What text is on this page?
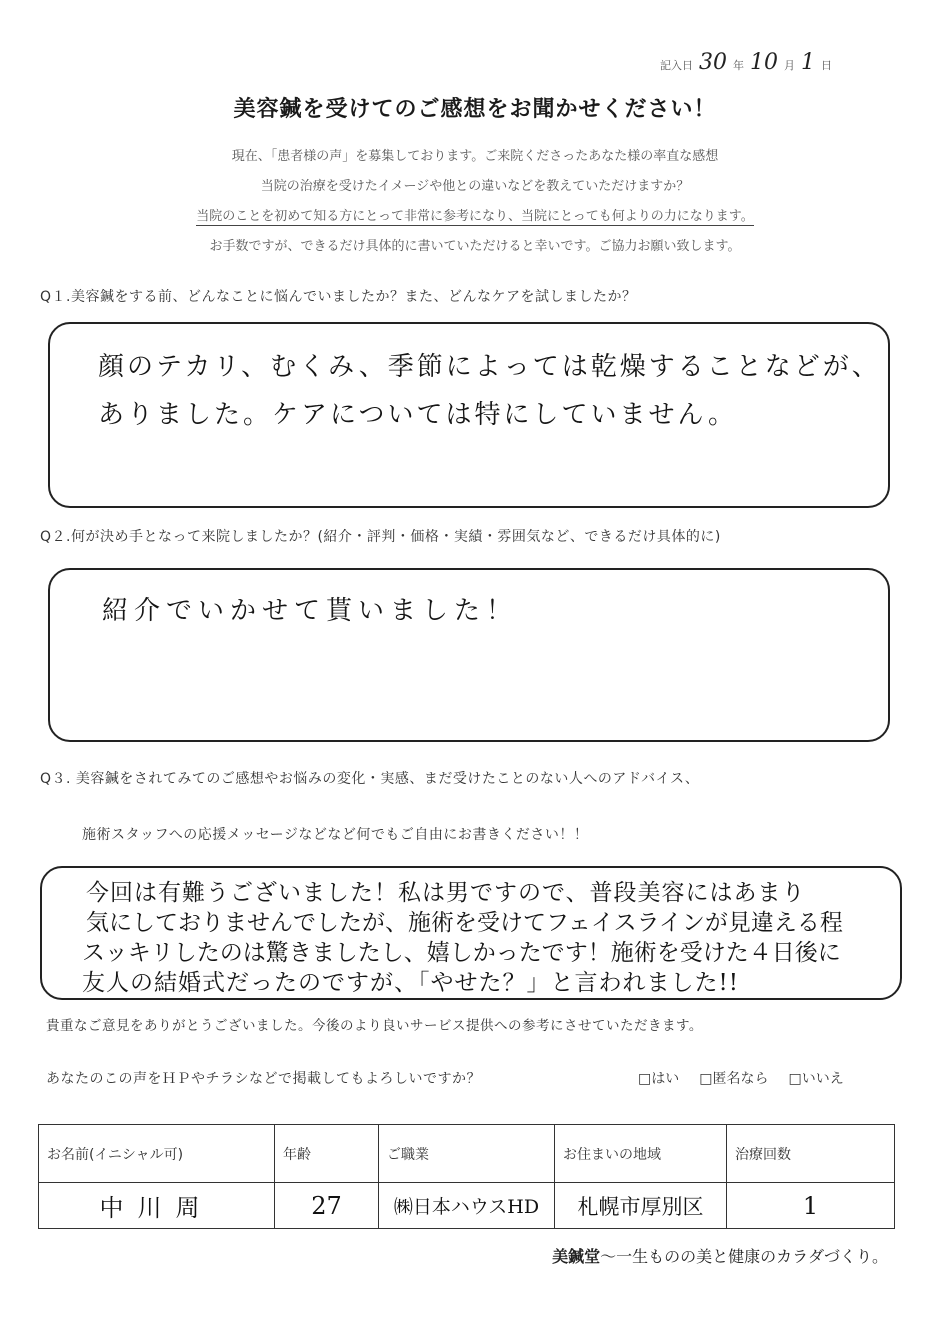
記入日 30 年 10 月 1 日
美容鍼を受けてのご感想をお聞かせください！
現在、「患者様の声」を募集しております。ご来院くださったあなた様の率直な感想
当院の治療を受けたイメージや他との違いなどを教えていただけますか？
当院のことを初めて知る方にとって非常に参考になり、当院にとっても何よりの力になります。
お手数ですが、できるだけ具体的に書いていただけると幸いです。ご協力お願い致します。
Q１.美容鍼をする前、どんなことに悩んでいましたか？また、どんなケアを試しましたか？
顔のテカリ、むくみ、季節によっては乾燥することなどが、
ありました。ケアについては特にしていません。
Q２.何が決め手となって来院しましたか？(紹介・評判・価格・実績・雰囲気など、できるだけ具体的に)
紹介でいかせて貰いました！
Q３. 美容鍼をされてみてのご感想やお悩みの変化・実感、まだ受けたことのない人へのアドバイス、
施術スタッフへの応援メッセージなどなど何でもご自由にお書きください！！
今回は有難うございました！私は男ですので、普段美容にはあまり
気にしておりませんでしたが、施術を受けてフェイスラインが見違える程
スッキリしたのは驚きましたし、嬉しかったです！施術を受けた４日後に
友人の結婚式だったのですが、「やせた？」と言われました!!
貴重なご意見をありがとうございました。今後のより良いサービス提供への参考にさせていただきます。
あなたのこの声をＨＰやチラシなどで掲載してもよろしいですか？	□ はい	□ 匿名なら	□ いいえ
お名前(イニシャル可)	年齢	ご職業	お住まいの地域	治療回数
中川周	27	㈱日本ハウスHD	札幌市厚別区	1
美鍼堂〜一生ものの美と健康のカラダづくり。
